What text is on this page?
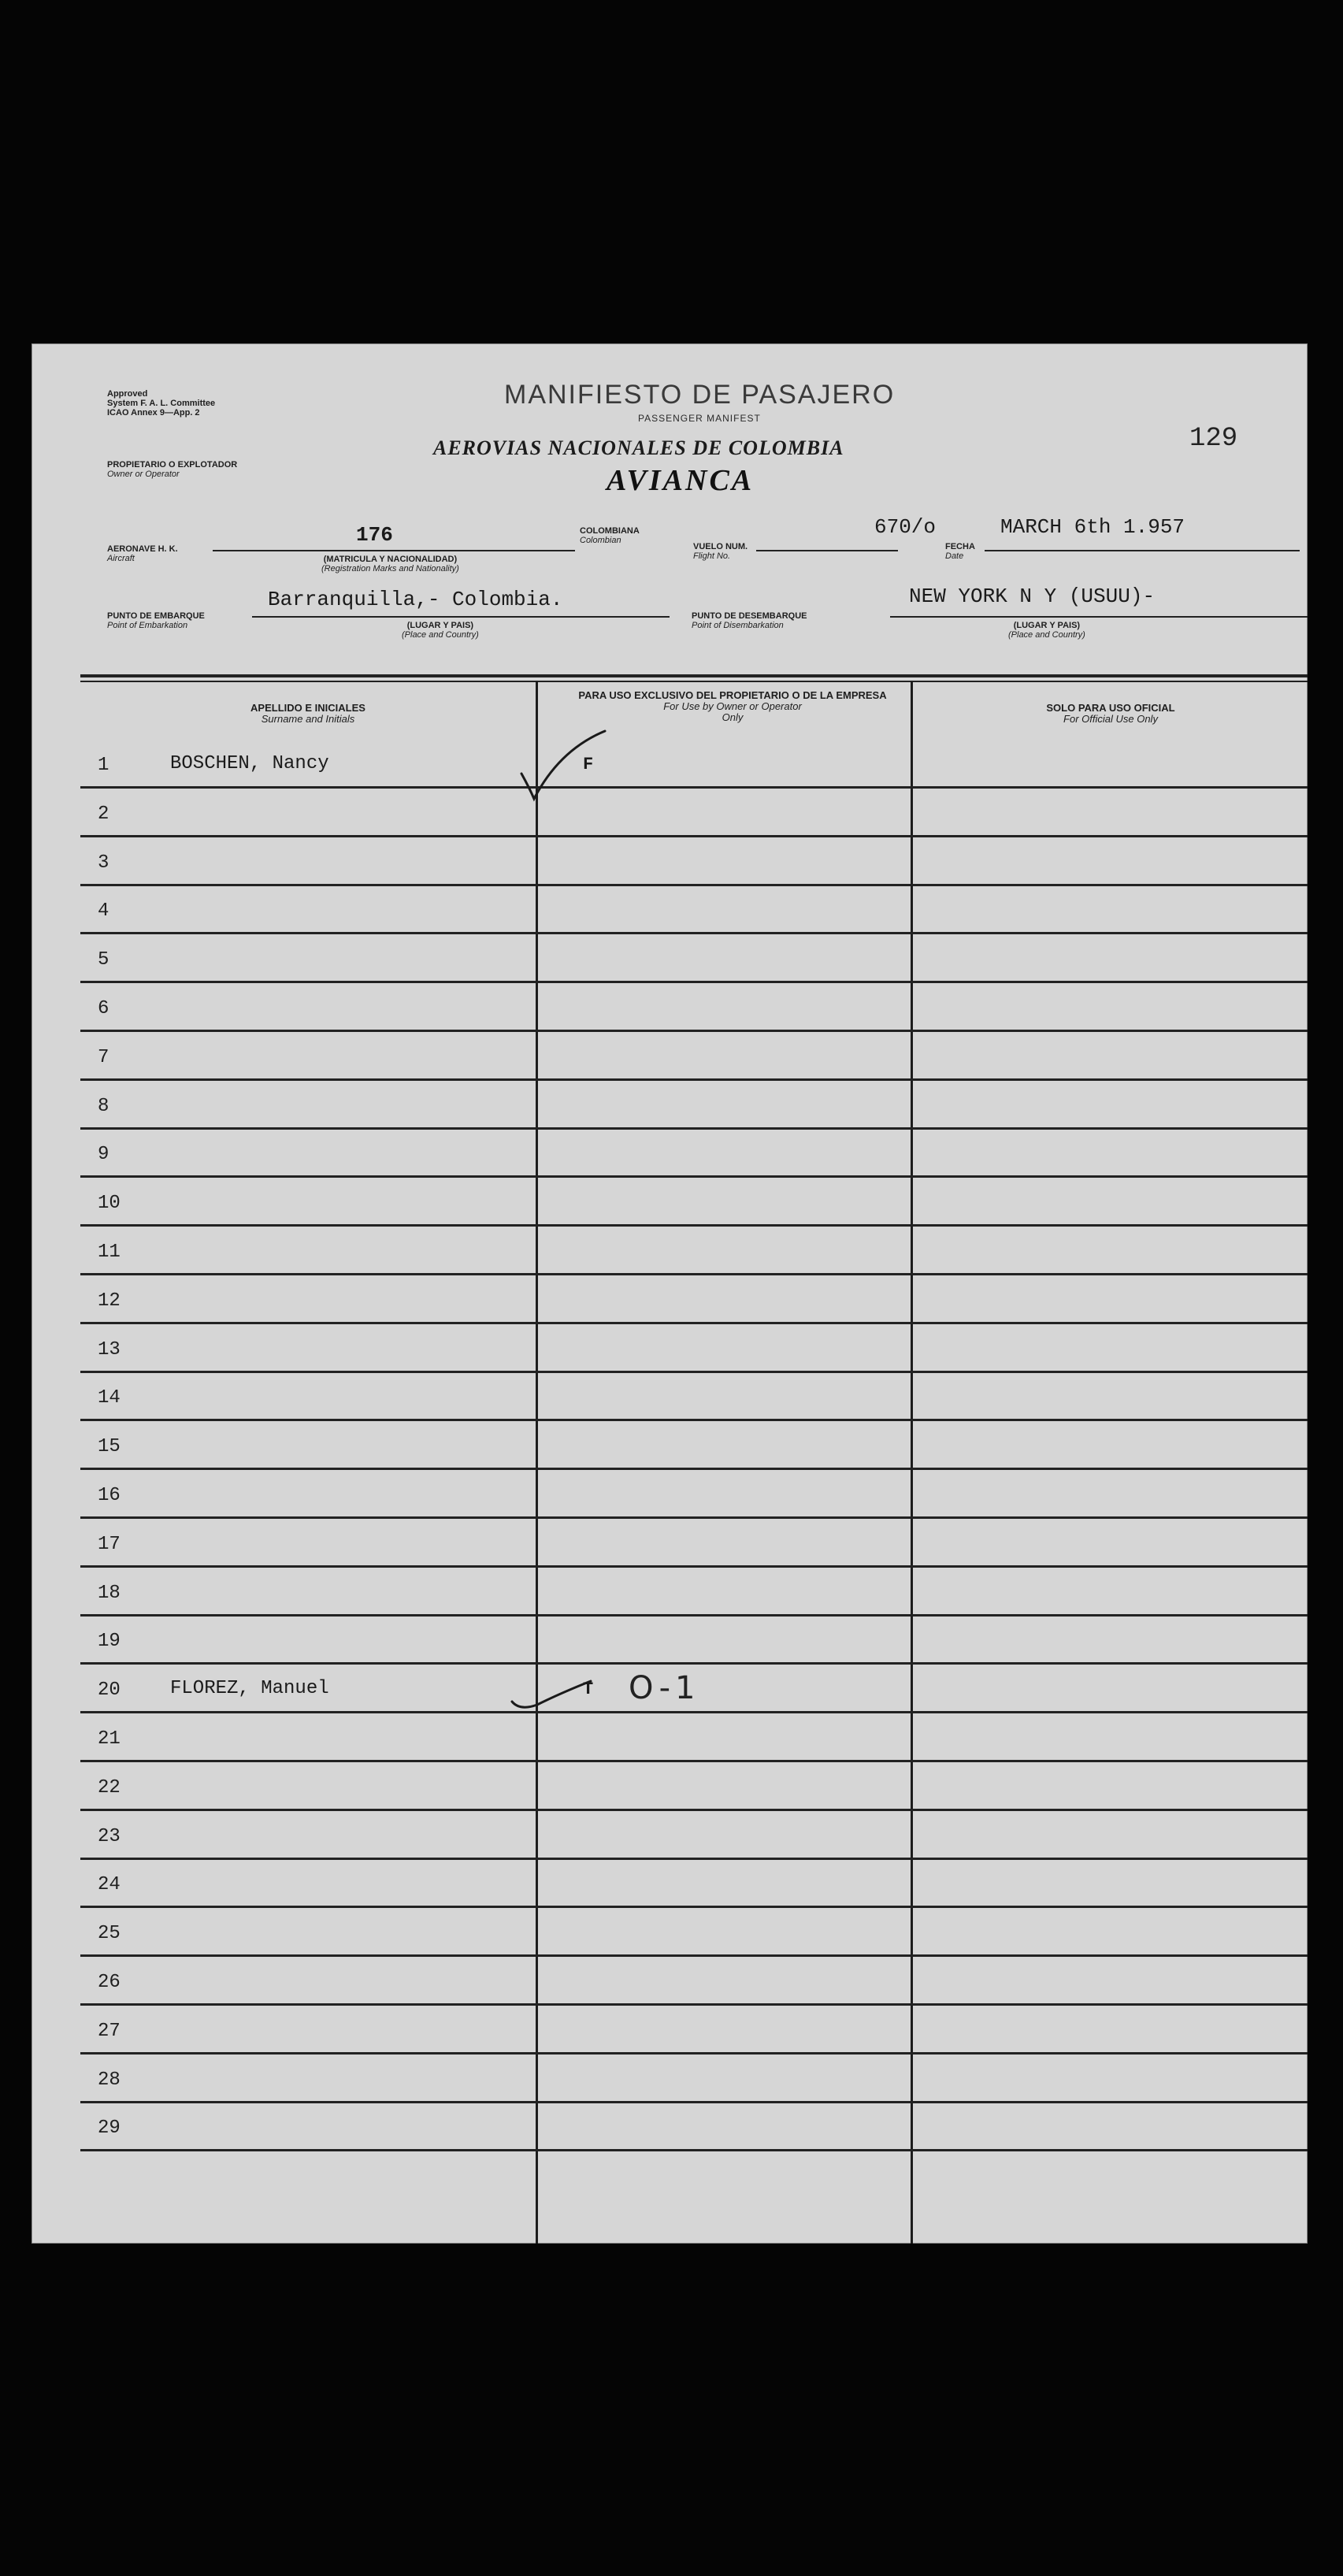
Approved
System F. A. L. Committee
ICAO Annex 9—App. 2
MANIFIESTO DE PASAJERO
PASSENGER MANIFEST
129
PROPIETARIO O EXPLOTADOR
Owner or Operator
AEROVIAS NACIONALES DE COLOMBIA
AVIANCA
AERONAVE H. K.
Aircraft
176
(MATRICULA Y NACIONALIDAD)
(Registration Marks and Nationality)
COLOMBIANA
Colombian
VUELO NUM.
Flight No.
670/o
FECHA
Date
MARCH 6th 1.957
PUNTO DE EMBARQUE
Point of Embarkation
Barranquilla,- Colombia.
(LUGAR Y PAIS)
(Place and Country)
PUNTO DE DESEMBARQUE
Point of Disembarkation
NEW YORK N Y (USUU)-
(LUGAR Y PAIS)
(Place and Country)
APELLIDO E INICIALES
Surname and Initials
PARA USO EXCLUSIVO DEL PROPIETARIO O DE LA EMPRESA
For Use by Owner or Operator Only
SOLO PARA USO OFICIAL
For Official Use Only
1	BOSCHEN, Nancy	F
2
3
4
5
6
7
8
9
10
11
12
13
14
15
16
17
18
19
20	FLOREZ, Manuel	T O-1
21
22
23
24
25
26
27
28
29
